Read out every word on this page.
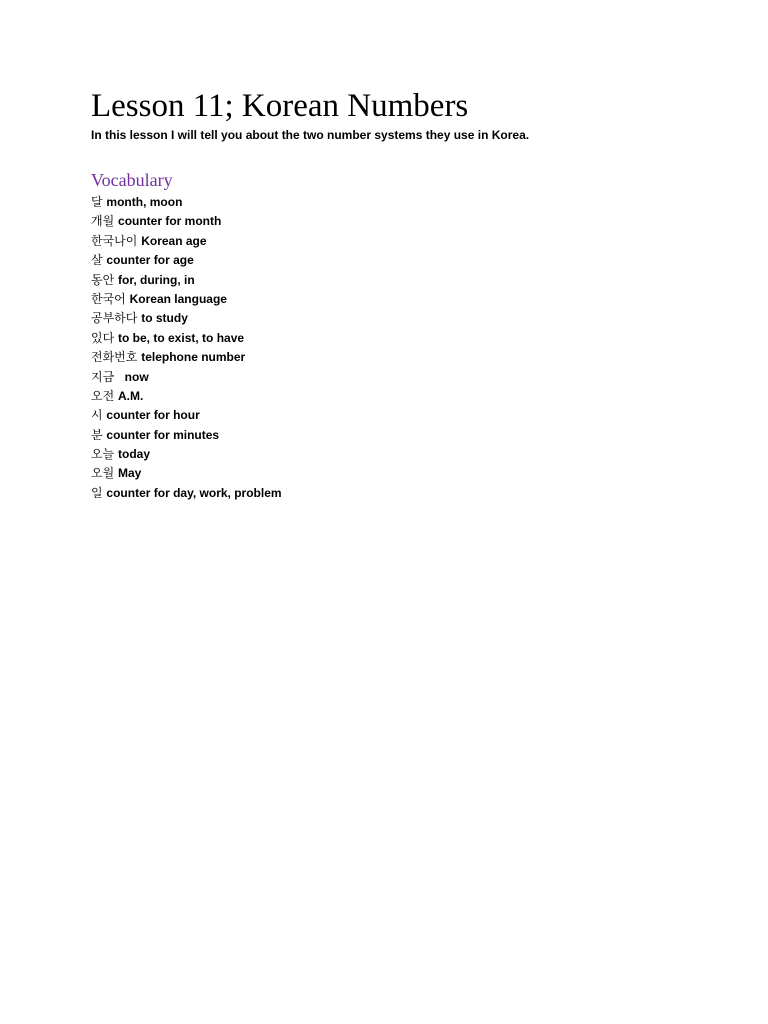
Lesson 11; Korean Numbers

In this lesson I will tell you about the two number systems they use in Korea.

Vocabulary
달 month, moon
개월 counter for month
한국나이 Korean age
살 counter for age
동안 for, during, in
한국어 Korean language
공부하다 to study
있다 to be, to exist, to have
전화번호 telephone number
지금   now
오전 A.M.
시 counter for hour
분 counter for minutes
오늘 today
오월 May
일 counter for day, work, problem
